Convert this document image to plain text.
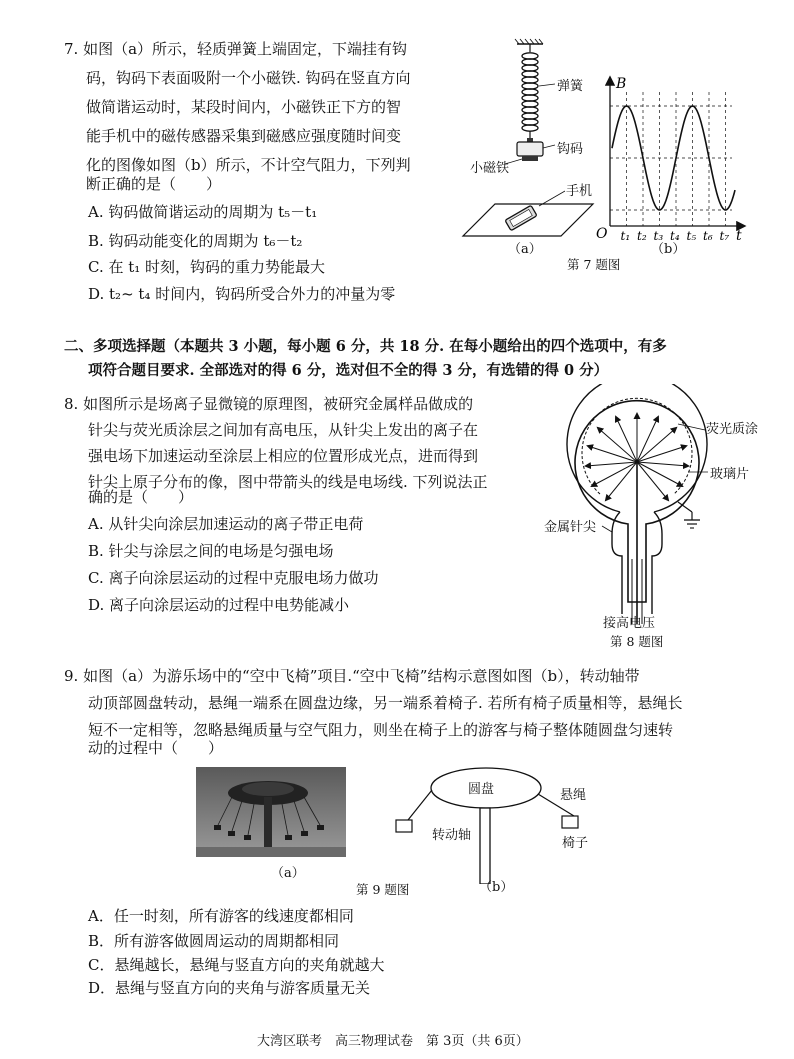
7. 如图（a）所示，轻质弹簧上端固定，下端挂有钩
码，钩码下表面吸附一个小磁铁. 钩码在竖直方向
做简谐运动时，某段时间内，小磁铁正下方的智
能手机中的磁传感器采集到磁感应强度随时间变
化的图像如图（b）所示，不计空气阻力，下列判
断正确的是（　　）
A. 钩码做简谐运动的周期为 t₅－t₁
B. 钩码动能变化的周期为 t₆－t₂
C. 在 t₁ 时刻，钩码的重力势能最大
D. t₂~ t₄ 时间内，钩码所受合外力的冲量为零
弹簧
钩码
小磁铁
手机
（a）
B
t
O t₁ t₂ t₃ t₄ t₅ t₆ t₇
（b）
第 7 题图
二、多项选择题（本题共 3 小题，每小题 6 分，共 18 分. 在每小题给出的四个选项中，有多
项符合题目要求. 全部选对的得 6 分，选对但不全的得 3 分，有选错的得 0 分）
8. 如图所示是场离子显微镜的原理图，被研究金属样品做成的
针尖与荧光质涂层之间加有高电压，从针尖上发出的离子在
强电场下加速运动至涂层上相应的位置形成光点，进而得到
针尖上原子分布的像，图中带箭头的线是电场线. 下列说法正
确的是（　　）
A. 从针尖向涂层加速运动的离子带正电荷
B. 针尖与涂层之间的电场是匀强电场
C. 离子向涂层运动的过程中克服电场力做功
D. 离子向涂层运动的过程中电势能减小
荧光质涂
玻璃片
金属针尖
接高电压
第 8 题图
9. 如图（a）为游乐场中的“空中飞椅”项目.“空中飞椅”结构示意图如图（b），转动轴带
动顶部圆盘转动，悬绳一端系在圆盘边缘，另一端系着椅子. 若所有椅子质量相等，悬绳长
短不一定相等，忽略悬绳质量与空气阻力，则坐在椅子上的游客与椅子整体随圆盘匀速转
动的过程中（　　）
（a）
第 9 题图
圆盘	悬绳
转动轴
椅子
（b）
A．任一时刻，所有游客的线速度都相同
B．所有游客做圆周运动的周期都相同
C．悬绳越长，悬绳与竖直方向的夹角就越大
D．悬绳与竖直方向的夹角与游客质量无关
大湾区联考　高三物理试卷　第 3页（共 6页）
